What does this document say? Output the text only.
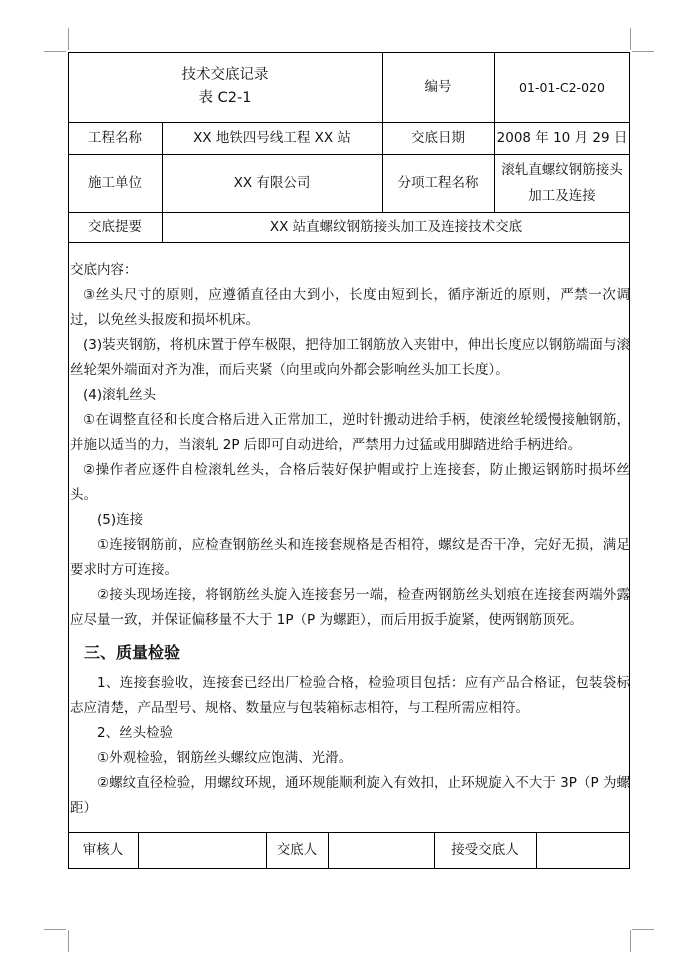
技术交底记录
表 C2-1
编号	01-01-C2-020
工程名称	XX 地铁四号线工程 XX 站	交底日期	2008 年 10 月 29 日
施工单位	XX 有限公司	分项工程名称
滚轧直螺纹钢筋接头
加工及连接
交底提要	XX 站直螺纹钢筋接头加工及连接技术交底

交底内容：

③丝头尺寸的原则，应遵循直径由大到小，长度由短到长，循序渐近的原则，严禁一次调过，以免丝头报废和损坏机床。

(3)装夹钢筋，将机床置于停车极限，把待加工钢筋放入夹钳中，伸出长度应以钢筋端面与滚丝轮架外端面对齐为准，而后夹紧（向里或向外都会影响丝头加工长度）。

(4)滚轧丝头

①在调整直径和长度合格后进入正常加工，逆时针搬动进给手柄，使滚丝轮缓慢接触钢筋，并施以适当的力，当滚轧 2P 后即可自动进给，严禁用力过猛或用脚踏进给手柄进给。

②操作者应逐件自检滚轧丝头，合格后装好保护帽或拧上连接套，防止搬运钢筋时损坏丝头。

(5)连接

①连接钢筋前，应检查钢筋丝头和连接套规格是否相符，螺纹是否干净，完好无损，满足要求时方可连接。

②接头现场连接，将钢筋丝头旋入连接套另一端，检查两钢筋丝头划痕在连接套两端外露应尽量一致，并保证偏移量不大于 1P（P 为螺距），而后用扳手旋紧，使两钢筋顶死。

三、质量检验

1、连接套验收，连接套已经出厂检验合格，检验项目包括：应有产品合格证，包装袋标志应清楚，产品型号、规格、数量应与包装箱标志相符，与工程所需应相符。

2、丝头检验

①外观检验，钢筋丝头螺纹应饱满、光滑。

②螺纹直径检验，用螺纹环规，通环规能顺利旋入有效扣，止环规旋入不大于 3P（P 为螺距）

审核人	交底人	接受交底人
